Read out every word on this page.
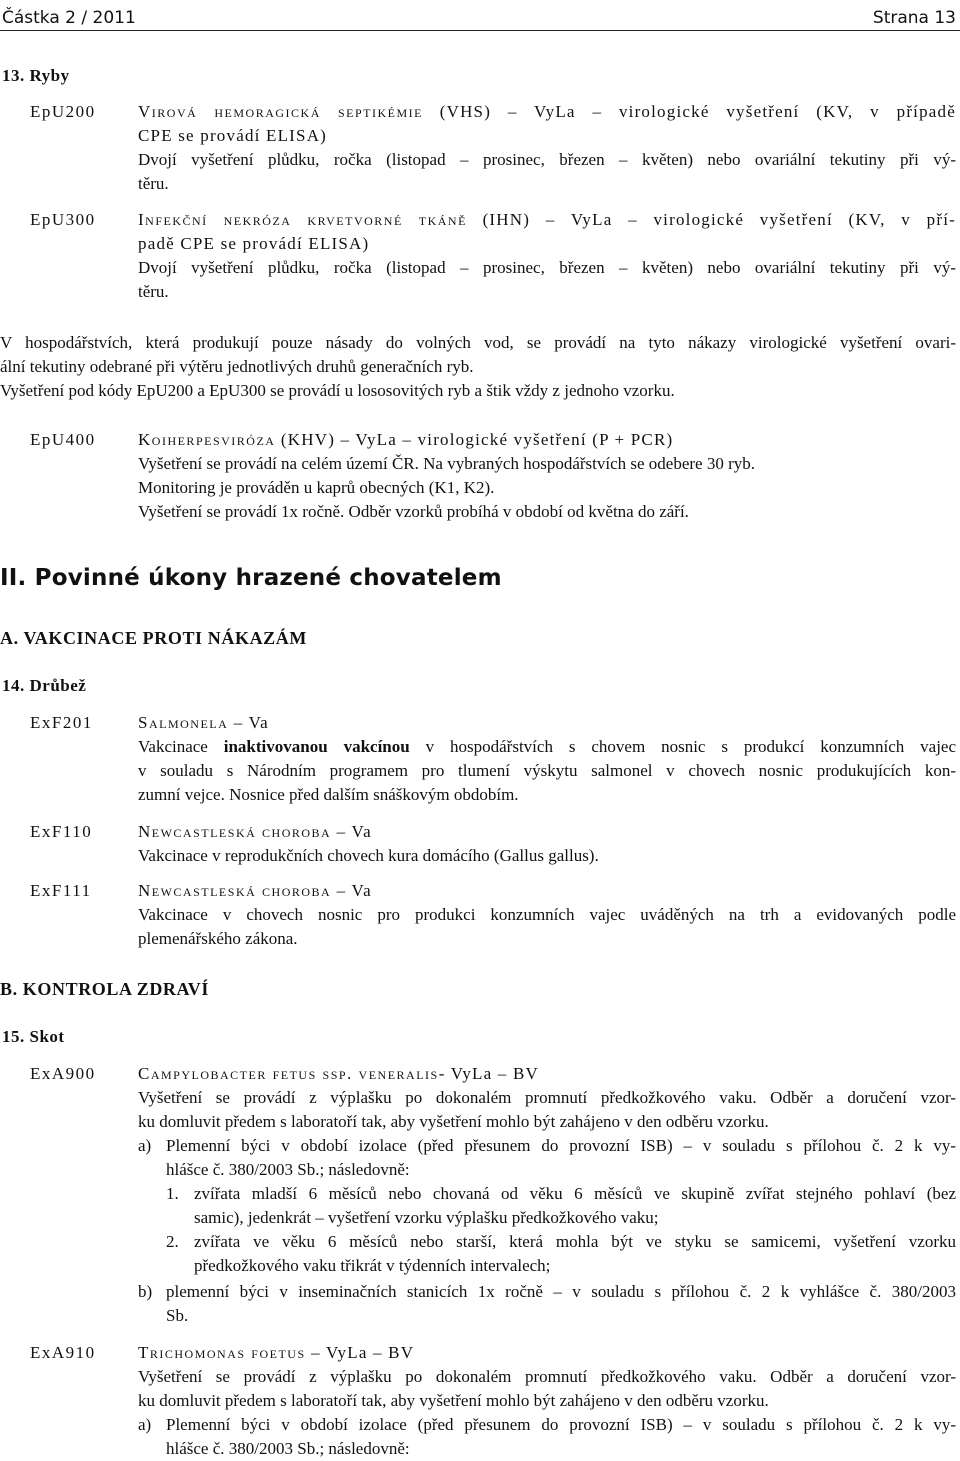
Částka 2 / 2011	Strana 13
13. Ryby
EpU200 Virová hemoragická septikémie (VHS) – VyLa – virologické vyšetření (KV, v případě
CPE se provádí ELISA)
Dvojí vyšetření plůdku, ročka (listopad – prosinec, březen – květen) nebo ovariální tekutiny při vý-
těru.
EpU300 Infekční nekróza krvetvorné tkáně (IHN) – VyLa – virologické vyšetření (KV, v pří-
padě CPE se provádí ELISA)
Dvojí vyšetření plůdku, ročka (listopad – prosinec, březen – květen) nebo ovariální tekutiny při vý-
těru.
V hospodářstvích, která produkují pouze násady do volných vod, se provádí na tyto nákazy virologické vyšetření ovari-
ální tekutiny odebrané při výtěru jednotlivých druhů generačních ryb.
Vyšetření pod kódy EpU200 a EpU300 se provádí u lososovitých ryb a štik vždy z jednoho vzorku.
EpU400 Koiherpesviróza (KHV) – VyLa – virologické vyšetření (P + PCR)
Vyšetření se provádí na celém území ČR. Na vybraných hospodářstvích se odebere 30 ryb.
Monitoring je prováděn u kaprů obecných (K1, K2).
Vyšetření se provádí 1x ročně. Odběr vzorků probíhá v období od května do září.
II. Povinné úkony hrazené chovatelem
A. VAKCINACE PROTI NÁKAZÁM
14. Drůbež
ExF201	Salmonela – Va
Vakcinace inaktivovanou vakcínou v hospodářstvích s chovem nosnic s produkcí konzumních vajec
v souladu s Národním programem pro tlumení výskytu salmonel v chovech nosnic produkujících kon-
zumní vejce. Nosnice před dalším snáškovým obdobím.
ExF110	Newcastleská choroba – Va
Vakcinace v reprodukčních chovech kura domácího (Gallus gallus).
ExF111	Newcastleská choroba – Va
Vakcinace v chovech nosnic pro produkci konzumních vajec uváděných na trh a evidovaných podle
plemenářského zákona.
B. KONTROLA ZDRAVÍ
15. Skot
ExA900 Campylobacter fetus ssp. veneralis- VyLa – BV
Vyšetření se provádí z výplašku po dokonalém promnutí předkožkového vaku. Odběr a doručení vzor-
ku domluvit předem s laboratoří tak, aby vyšetření mohlo být zahájeno v den odběru vzorku.
a) Plemenní býci v období izolace (před přesunem do provozní ISB) – v souladu s přílohou č. 2 k vy-
hlášce č. 380/2003 Sb.; následovně:
1. zvířata mladší 6 měsíců nebo chovaná od věku 6 měsíců ve skupině zvířat stejného pohlaví (bez
samic), jedenkrát – vyšetření vzorku výplašku předkožkového vaku;
2. zvířata ve věku 6 měsíců nebo starší, která mohla být ve styku se samicemi, vyšetření vzorku
předkožkového vaku třikrát v týdenních intervalech;
b) plemenní býci v inseminačních stanicích 1x ročně – v souladu s přílohou č. 2 k vyhlášce č. 380/2003
Sb.
ExA910 Trichomonas foetus – VyLa – BV
Vyšetření se provádí z výplašku po dokonalém promnutí předkožkového vaku. Odběr a doručení vzor-
ku domluvit předem s laboratoří tak, aby vyšetření mohlo být zahájeno v den odběru vzorku.
a) Plemenní býci v období izolace (před přesunem do provozní ISB) – v souladu s přílohou č. 2 k vy-
hlášce č. 380/2003 Sb.; následovně:
